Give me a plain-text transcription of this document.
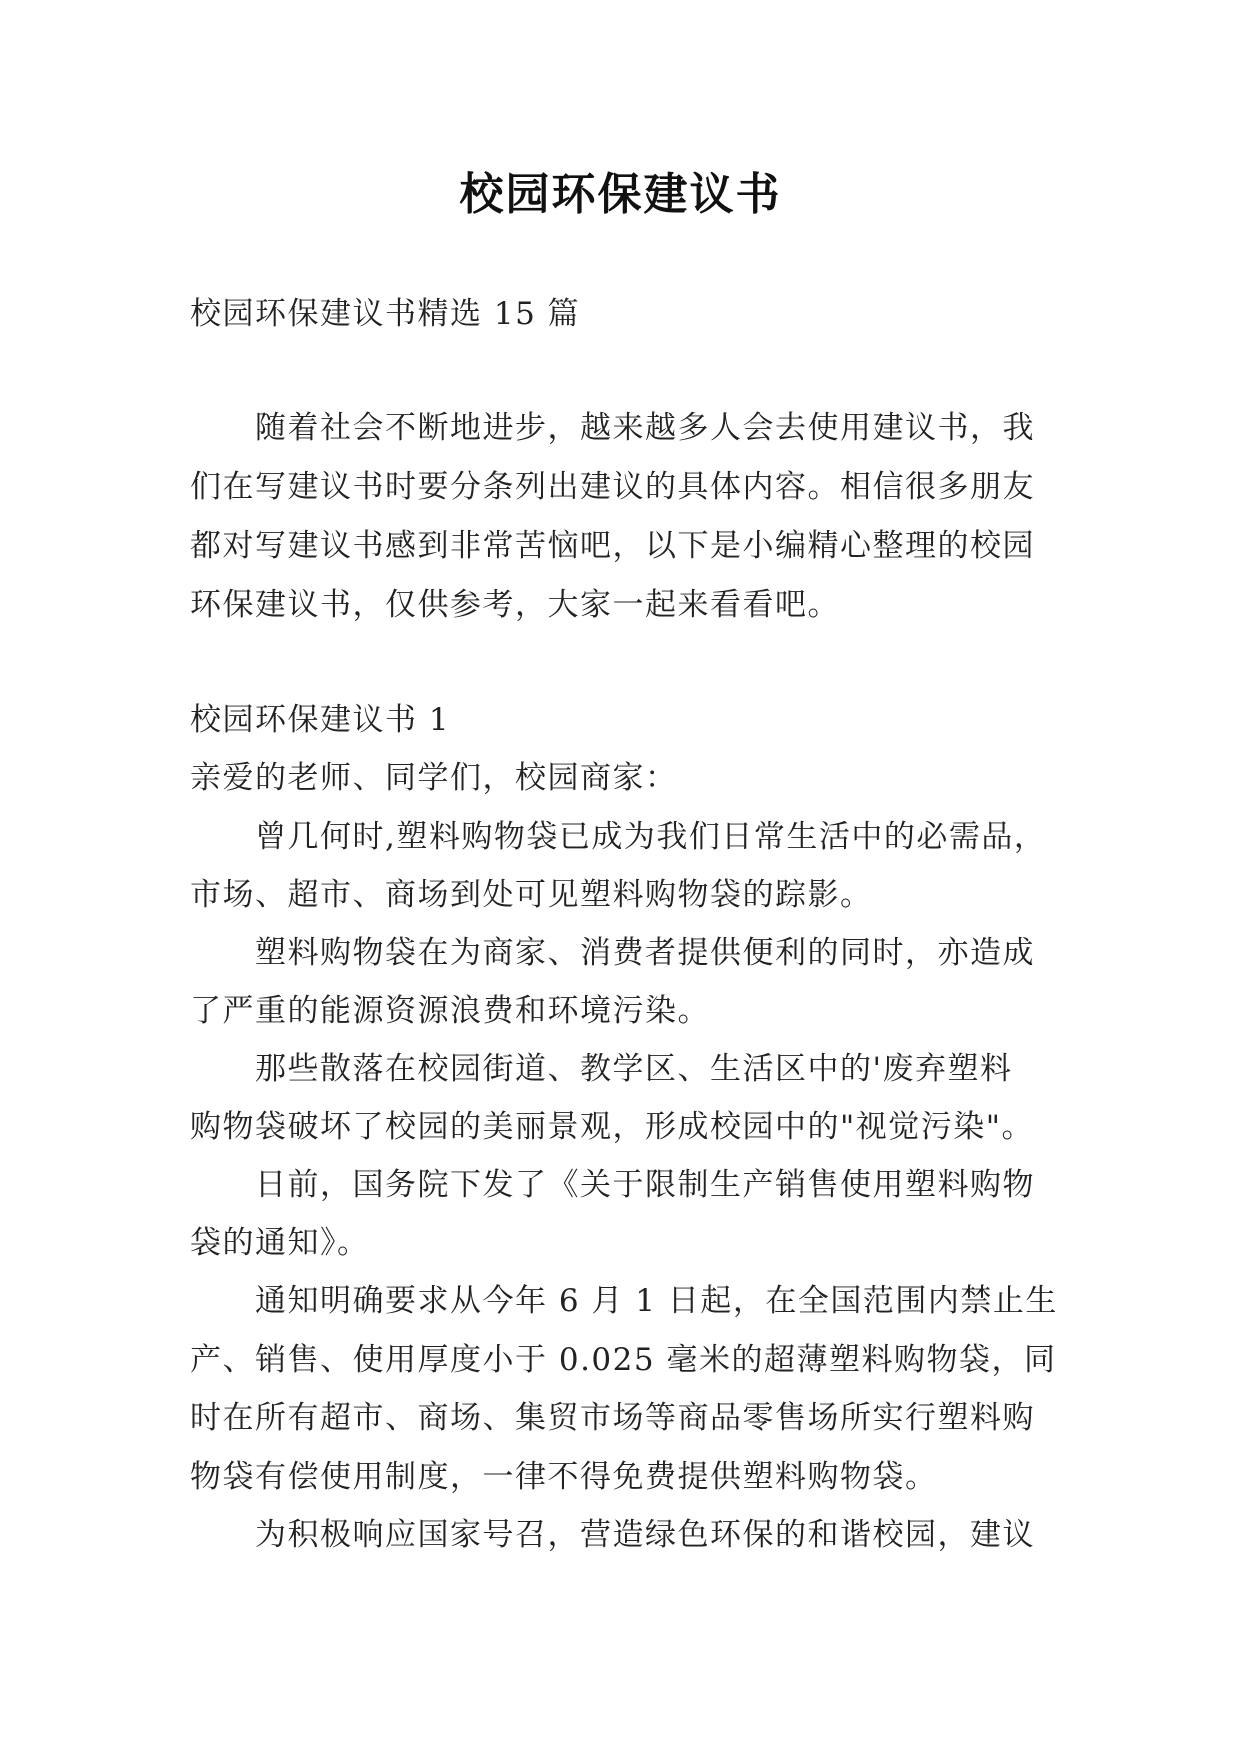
校园环保建议书
校园环保建议书精选 15 篇
随着社会不断地进步，越来越多人会去使用建议书，我
们在写建议书时要分条列出建议的具体内容。相信很多朋友
都对写建议书感到非常苦恼吧，以下是小编精心整理的校园
环保建议书，仅供参考，大家一起来看看吧。
校园环保建议书 1
亲爱的老师、同学们，校园商家：
曾几何时,塑料购物袋已成为我们日常生活中的必需品，
市场、超市、商场到处可见塑料购物袋的踪影。
塑料购物袋在为商家、消费者提供便利的同时，亦造成
了严重的能源资源浪费和环境污染。
那些散落在校园街道、教学区、生活区中的'废弃塑料
购物袋破坏了校园的美丽景观，形成校园中的"视觉污染"。
日前，国务院下发了《关于限制生产销售使用塑料购物
袋的通知》。
通知明确要求从今年 6 月 1 日起，在全国范围内禁止生
产、销售、使用厚度小于 0.025 毫米的超薄塑料购物袋，同
时在所有超市、商场、集贸市场等商品零售场所实行塑料购
物袋有偿使用制度，一律不得免费提供塑料购物袋。
为积极响应国家号召，营造绿色环保的和谐校园，建议
